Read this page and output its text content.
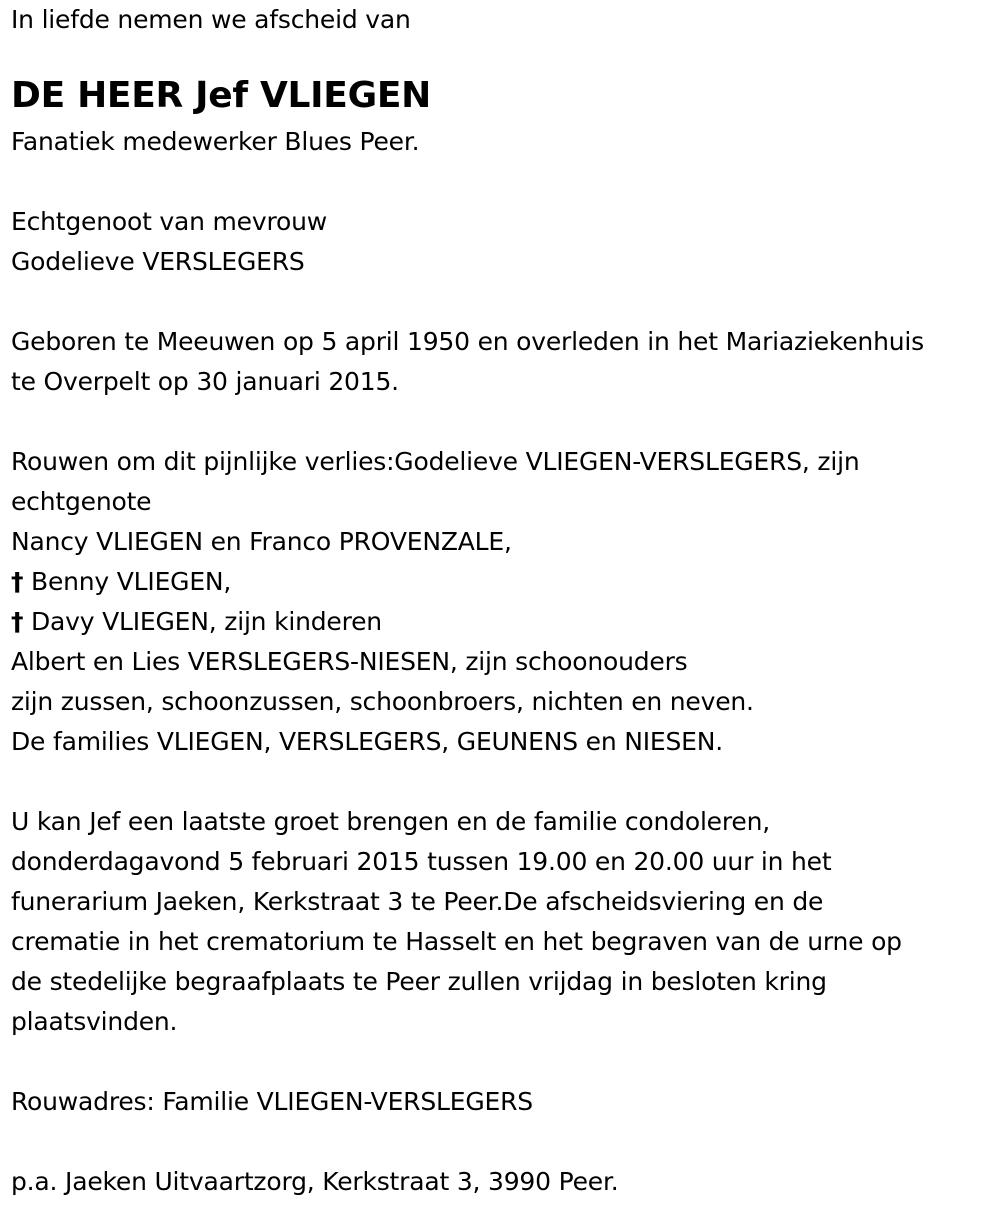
In liefde nemen we afscheid van
DE HEER Jef VLIEGEN
Fanatiek medewerker Blues Peer.
Echtgenoot van mevrouw
Godelieve VERSLEGERS
Geboren te Meeuwen op 5 april 1950 en overleden in het Mariaziekenhuis
te Overpelt op 30 januari 2015.
Rouwen om dit pijnlijke verlies:Godelieve VLIEGEN-VERSLEGERS, zijn
echtgenote
Nancy VLIEGEN en Franco PROVENZALE,
† Benny VLIEGEN,
† Davy VLIEGEN, zijn kinderen
Albert en Lies VERSLEGERS-NIESEN, zijn schoonouders
zijn zussen, schoonzussen, schoonbroers, nichten en neven.
De families VLIEGEN, VERSLEGERS, GEUNENS en NIESEN.
U kan Jef een laatste groet brengen en de familie condoleren,
donderdagavond 5 februari 2015 tussen 19.00 en 20.00 uur in het
funerarium Jaeken, Kerkstraat 3 te Peer.De afscheidsviering en de
crematie in het crematorium te Hasselt en het begraven van de urne op
de stedelijke begraafplaats te Peer zullen vrijdag in besloten kring
plaatsvinden.
Rouwadres: Familie VLIEGEN-VERSLEGERS
p.a. Jaeken Uitvaartzorg, Kerkstraat 3, 3990 Peer.
